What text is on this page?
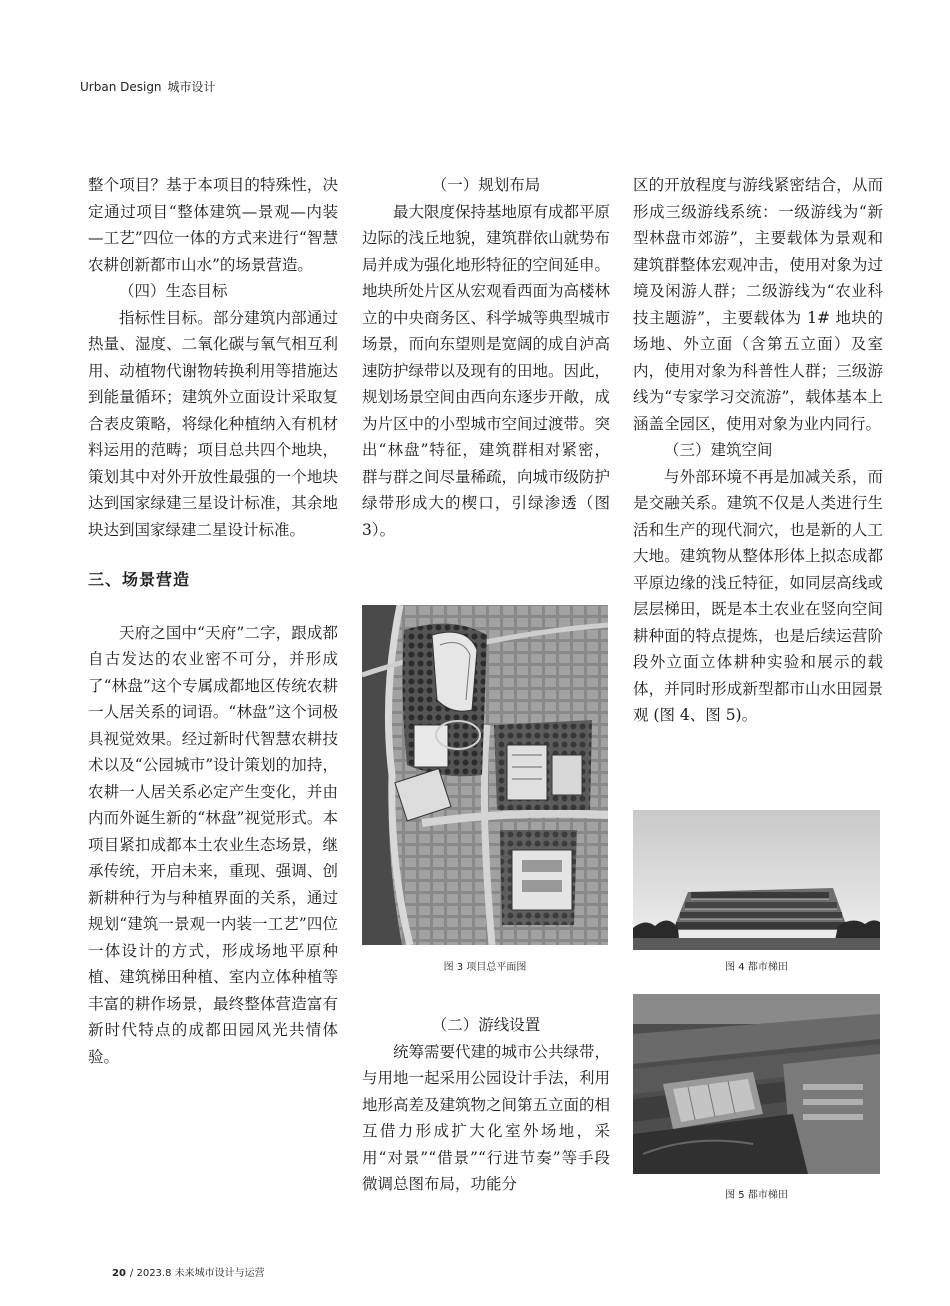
Urban Design 城市设计

整个项目？基于本项目的特殊性，决定通过项目“整体建筑—景观—内装—工艺”四位一体的方式来进行“智慧农耕创新都市山水”的场景营造。

（四）生态目标

指标性目标。部分建筑内部通过热量、湿度、二氧化碳与氧气相互利用、动植物代谢物转换利用等措施达到能量循环；建筑外立面设计采取复合表皮策略，将绿化种植纳入有机材料运用的范畴；项目总共四个地块，策划其中对外开放性最强的一个地块达到国家绿建三星设计标准，其余地块达到国家绿建二星设计标准。

三、场景营造

天府之国中“天府”二字，跟成都自古发达的农业密不可分，并形成了“林盘”这个专属成都地区传统农耕一人居关系的词语。“林盘”这个词极具视觉效果。经过新时代智慧农耕技术以及“公园城市”设计策划的加持，农耕一人居关系必定产生变化，并由内而外诞生新的“林盘”视觉形式。本项目紧扣成都本土农业生态场景，继承传统，开启未来，重现、强调、创新耕种行为与种植界面的关系，通过规划“建筑一景观一内装一工艺”四位一体设计的方式，形成场地平原种植、建筑梯田种植、室内立体种植等丰富的耕作场景，最终整体营造富有新时代特点的成都田园风光共情体验。

（一）规划布局

最大限度保持基地原有成都平原边际的浅丘地貌，建筑群依山就势布局并成为强化地形特征的空间延申。地块所处片区从宏观看西面为高楼林立的中央商务区、科学城等典型城市场景，而向东望则是宽阔的成自泸高速防护绿带以及现有的田地。因此，规划场景空间由西向东逐步开敞，成为片区中的小型城市空间过渡带。突出“林盘”特征，建筑群相对紧密，群与群之间尽量稀疏，向城市级防护绿带形成大的楔口，引绿渗透（图 3）。

图 3 项目总平面图

（二）游线设置

统筹需要代建的城市公共绿带，与用地一起采用公园设计手法，利用地形高差及建筑物之间第五立面的相互借力形成扩大化室外场地，采用“对景”“借景”“行进节奏”等手段微调总图布局，功能分

区的开放程度与游线紧密结合，从而形成三级游线系统：一级游线为“新型林盘市郊游”，主要载体为景观和建筑群整体宏观冲击，使用对象为过境及闲游人群；二级游线为“农业科技主题游”，主要载体为 1# 地块的场地、外立面（含第五立面）及室内，使用对象为科普性人群；三级游线为“专家学习交流游”，载体基本上涵盖全园区，使用对象为业内同行。

（三）建筑空间

与外部环境不再是加减关系，而是交融关系。建筑不仅是人类进行生活和生产的现代洞穴，也是新的人工大地。建筑物从整体形体上拟态成都平原边缘的浅丘特征，如同层高线或层层梯田，既是本土农业在竖向空间耕种面的特点提炼，也是后续运营阶段外立面立体耕种实验和展示的载体，并同时形成新型都市山水田园景观 (图 4、图 5)。

图 4 都市梯田
图 5 都市梯田
20 / 2023.8 未来城市设计与运营
